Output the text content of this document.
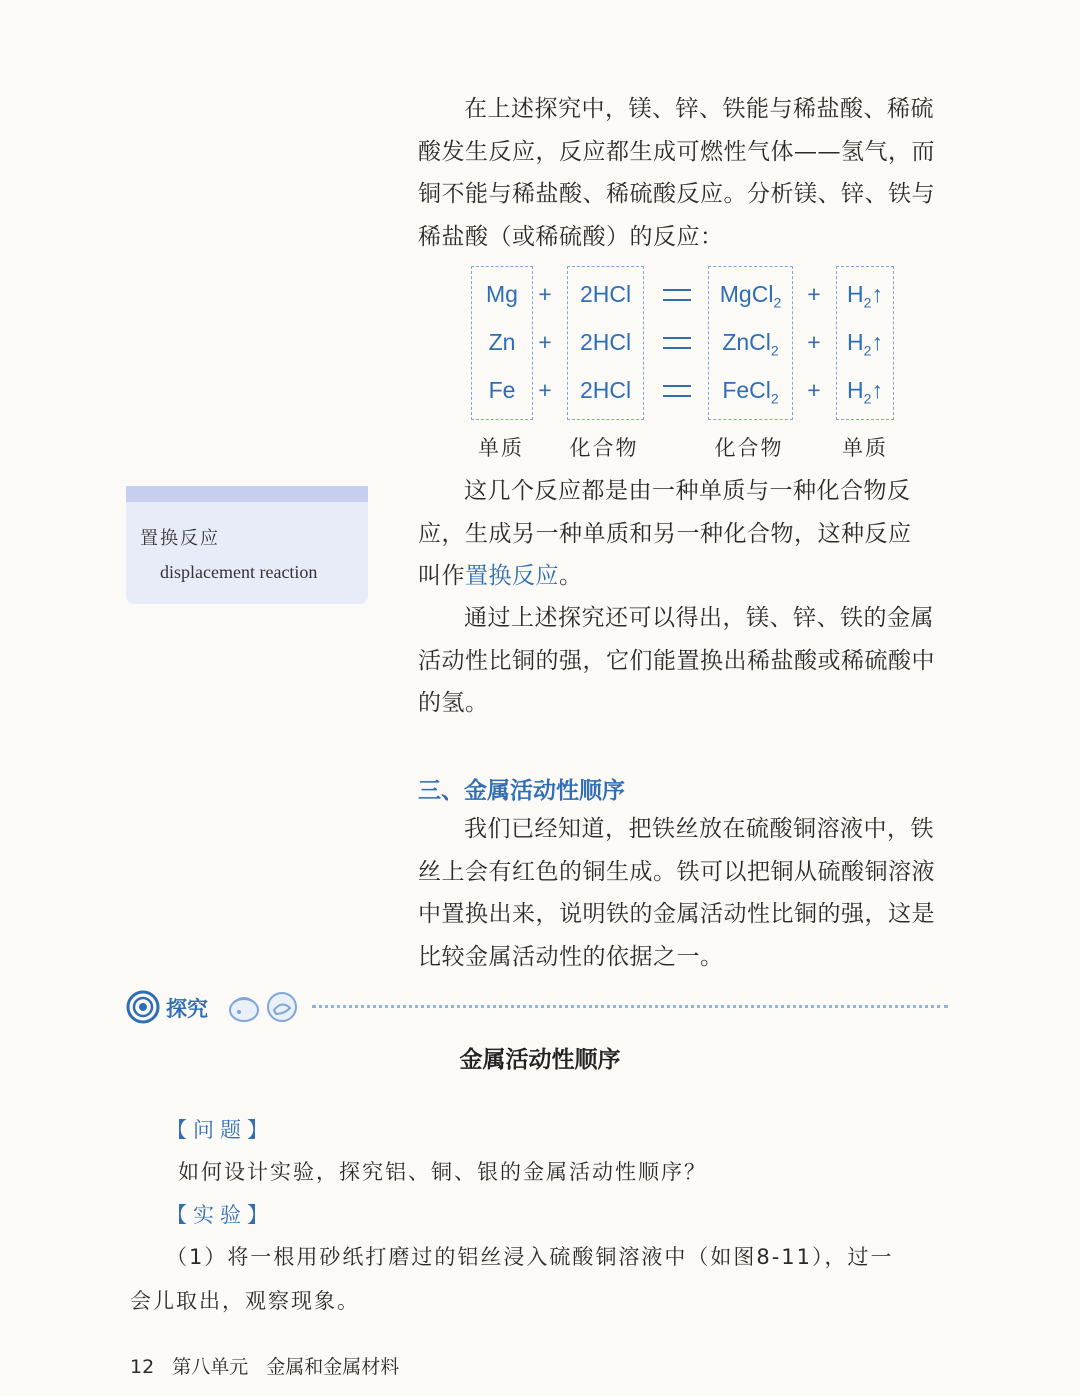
在上述探究中，镁、锌、铁能与稀盐酸、稀硫

酸发生反应，反应都生成可燃性气体——氢气，而

铜不能与稀盐酸、稀硫酸反应。分析镁、锌、铁与

稀盐酸（或稀硫酸）的反应：

Mg +	2HCl	MgCl$_2$	+	$H_2↑$
Zn +	2HCl	ZnCl$_2$	+	$H_2↑$
Fe +	2HCl	FeCl$_2$	+	$H_2↑$
单质	化合物	化合物	单质
置换反应
displacement reaction

这几个反应都是由一种单质与一种化合物反

应，生成另一种单质和另一种化合物，这种反应

叫作置换反应。

通过上述探究还可以得出，镁、锌、铁的金属

活动性比铜的强，它们能置换出稀盐酸或稀硫酸中

的氢。

三、金属活动性顺序

我们已经知道，把铁丝放在硫酸铜溶液中，铁

丝上会有红色的铜生成。铁可以把铜从硫酸铜溶液

中置换出来，说明铁的金属活动性比铜的强，这是

比较金属活动性的依据之一。

探究
金属活动性顺序
【问题】
如何设计实验，探究铝、铜、银的金属活动性顺序？
【实验】
（1）将一根用砂纸打磨过的铝丝浸入硫酸铜溶液中（如图8-11），过一
会儿取出，观察现象。
12 第八单元 金属和金属材料
